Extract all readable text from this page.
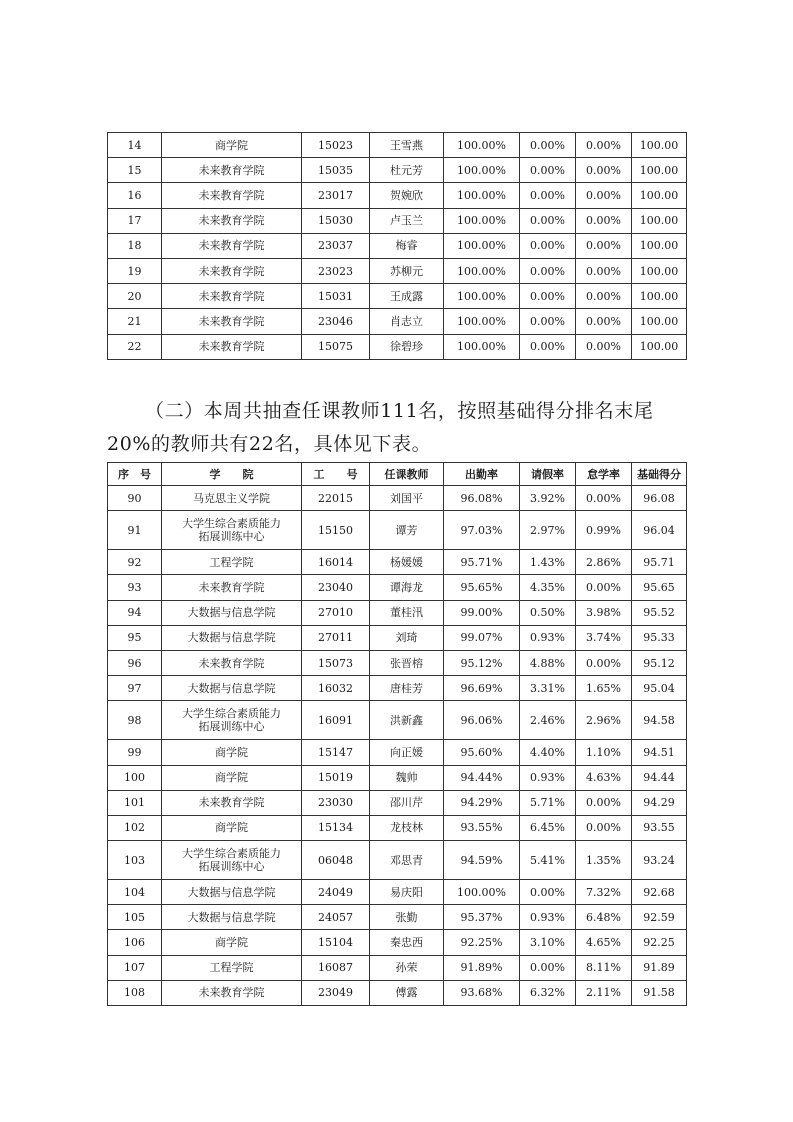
14	商学院	15023	王雪燕	100.00%	0.00%	0.00%	100.00
15	未来教育学院	15035	杜元芳	100.00%	0.00%	0.00%	100.00
16	未来教育学院	23017	贺婉欣	100.00%	0.00%	0.00%	100.00
17	未来教育学院	15030	卢玉兰	100.00%	0.00%	0.00%	100.00
18	未来教育学院	23037	梅睿	100.00%	0.00%	0.00%	100.00
19	未来教育学院	23023	苏柳元	100.00%	0.00%	0.00%	100.00
20	未来教育学院	15031	王成露	100.00%	0.00%	0.00%	100.00
21	未来教育学院	23046	肖志立	100.00%	0.00%	0.00%	100.00
22	未来教育学院	15075	徐碧珍	100.00%	0.00%	0.00%	100.00

（二）本周共抽查任课教师111名，按照基础得分排名末尾20%的教师共有22名，具体见下表。

序　号	学　　院	工　　号	任课教师	出勤率	请假率	怠学率	基础得分
90	马克思主义学院	22015	刘国平	96.08%	3.92%	0.00%	96.08
91	大学生综合素质能力
拓展训练中心	15150	谭芳	97.03%	2.97%	0.99%	96.04
92	工程学院	16014	杨媛媛	95.71%	1.43%	2.86%	95.71
93	未来教育学院	23040	谭海龙	95.65%	4.35%	0.00%	95.65
94	大数据与信息学院	27010	董桂汛	99.00%	0.50%	3.98%	95.52
95	大数据与信息学院	27011	刘琦	99.07%	0.93%	3.74%	95.33
96	未来教育学院	15073	张晋榕	95.12%	4.88%	0.00%	95.12
97	大数据与信息学院	16032	唐桂芳	96.69%	3.31%	1.65%	95.04
98	大学生综合素质能力
拓展训练中心	16091	洪新鑫	96.06%	2.46%	2.96%	94.58
99	商学院	15147	向正媛	95.60%	4.40%	1.10%	94.51
100	商学院	15019	魏帅	94.44%	0.93%	4.63%	94.44
101	未来教育学院	23030	邵川芹	94.29%	5.71%	0.00%	94.29
102	商学院	15134	龙枝林	93.55%	6.45%	0.00%	93.55
103	大学生综合素质能力
拓展训练中心	06048	邓思青	94.59%	5.41%	1.35%	93.24
104	大数据与信息学院	24049	易庆阳	100.00%	0.00%	7.32%	92.68
105	大数据与信息学院	24057	张勤	95.37%	0.93%	6.48%	92.59
106	商学院	15104	秦忠西	92.25%	3.10%	4.65%	92.25
107	工程学院	16087	孙荣	91.89%	0.00%	8.11%	91.89
108	未来教育学院	23049	傅露	93.68%	6.32%	2.11%	91.58
